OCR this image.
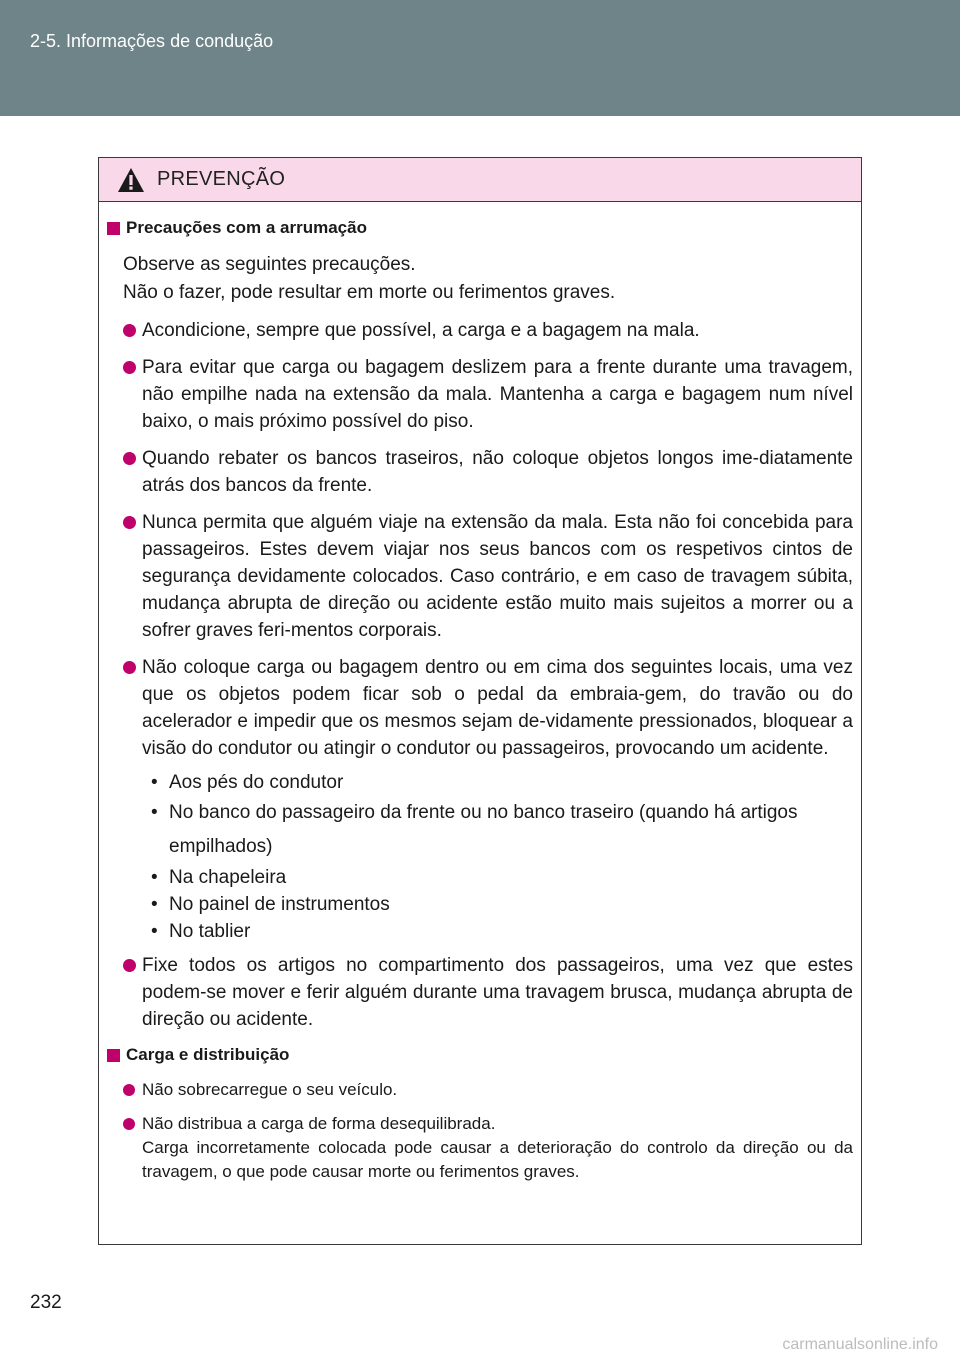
2-5. Informações de condução
PREVENÇÃO
Precauções com a arrumação
Observe as seguintes precauções.
Não o fazer, pode resultar em morte ou ferimentos graves.
Acondicione, sempre que possível, a carga e a bagagem na mala.
Para evitar que carga ou bagagem deslizem para a frente durante uma travagem, não empilhe nada na extensão da mala. Mantenha a carga e bagagem num nível baixo, o mais próximo possível do piso.
Quando rebater os bancos traseiros, não coloque objetos longos ime-diatamente atrás dos bancos da frente.
Nunca permita que alguém viaje na extensão da mala. Esta não foi concebida para passageiros. Estes devem viajar nos seus bancos com os respetivos cintos de segurança devidamente colocados. Caso contrário, e em caso de travagem súbita, mudança abrupta de direção ou acidente estão muito mais sujeitos a morrer ou a sofrer graves feri-mentos corporais.
Não coloque carga ou bagagem dentro ou em cima dos seguintes locais, uma vez que os objetos podem ficar sob o pedal da embraia-gem, do travão ou do acelerador e impedir que os mesmos sejam de-vidamente pressionados, bloquear a visão do condutor ou atingir o condutor ou passageiros, provocando um acidente.
• Aos pés do condutor
• No banco do passageiro da frente ou no banco traseiro (quando há artigos empilhados)
• Na chapeleira
• No painel de instrumentos
• No tablier
Fixe todos os artigos no compartimento dos passageiros, uma vez que estes podem-se mover e ferir alguém durante uma travagem brusca, mudança abrupta de direção ou acidente.
Carga e distribuição
Não sobrecarregue o seu veículo.
Não distribua a carga de forma desequilibrada.
Carga incorretamente colocada pode causar a deterioração do controlo da direção ou da travagem, o que pode causar morte ou ferimentos graves.
232
carmanualsonline.info
